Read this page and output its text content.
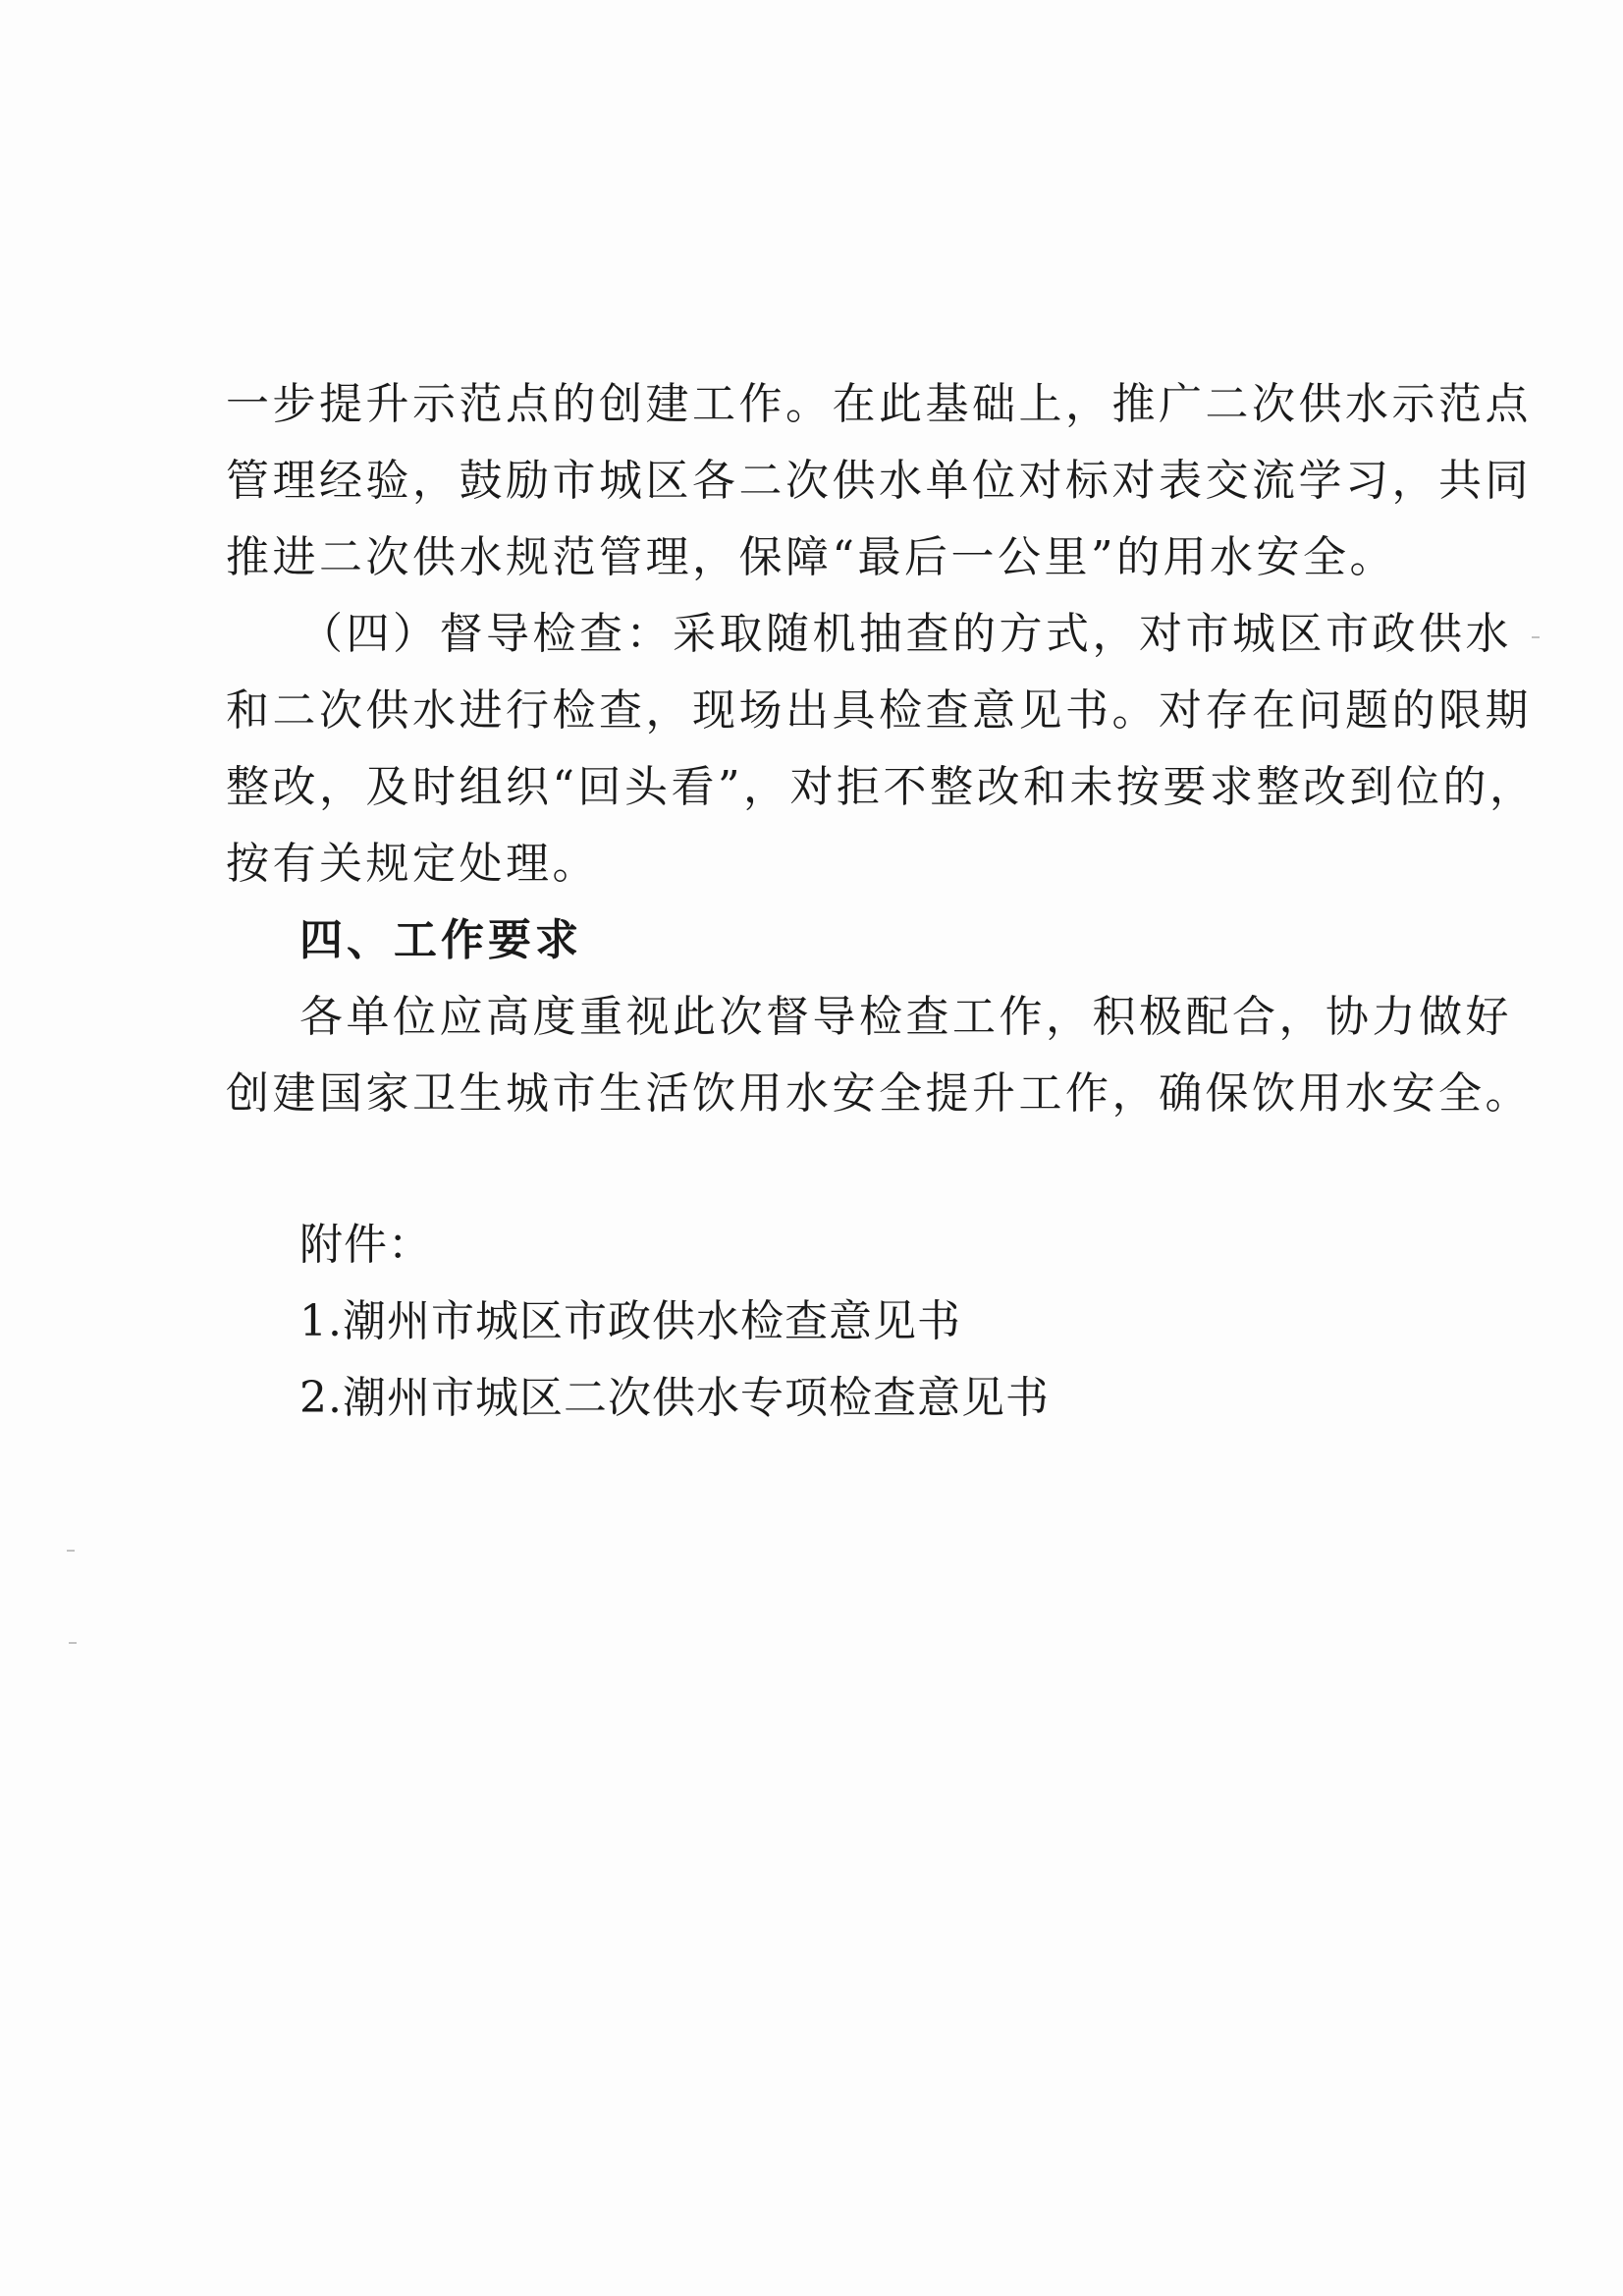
一步提升示范点的创建工作。在此基础上，推广二次供水示范点
管理经验，鼓励市城区各二次供水单位对标对表交流学习，共同
推进二次供水规范管理，保障“最后一公里”的用水安全。
（四）督导检查：采取随机抽查的方式，对市城区市政供水
和二次供水进行检查，现场出具检查意见书。对存在问题的限期
整改，及时组织“回头看”，对拒不整改和未按要求整改到位的，
按有关规定处理。
四、工作要求
各单位应高度重视此次督导检查工作，积极配合，协力做好
创建国家卫生城市生活饮用水安全提升工作，确保饮用水安全。
附件：
1.潮州市城区市政供水检查意见书
2.潮州市城区二次供水专项检查意见书
